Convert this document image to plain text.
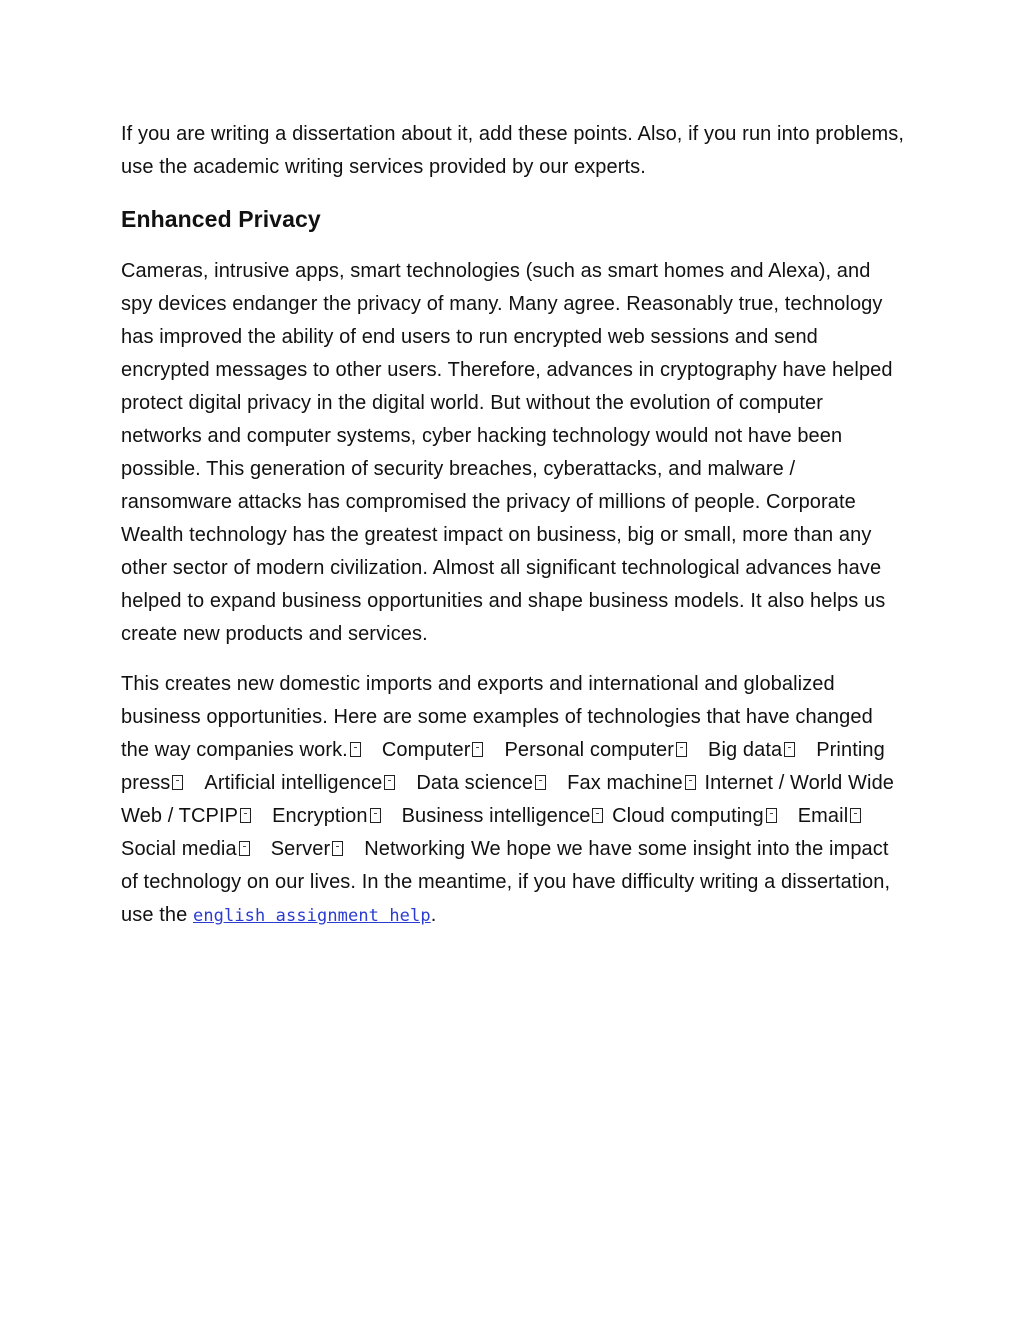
If you are writing a dissertation about it, add these points. Also, if you run into problems, use the academic writing services provided by our experts.

Enhanced Privacy

Cameras, intrusive apps, smart technologies (such as smart homes and Alexa), and spy devices endanger the privacy of many. Many agree. Reasonably true, technology has improved the ability of end users to run encrypted web sessions and send encrypted messages to other users. Therefore, advances in cryptography have helped protect digital privacy in the digital world. But without the evolution of computer networks and computer systems, cyber hacking technology would not have been possible. This generation of security breaches, cyberattacks, and malware / ransomware attacks has compromised the privacy of millions of people. Corporate Wealth technology has the greatest impact on business, big or small, more than any other sector of modern civilization. Almost all significant technological advances have helped to expand business opportunities and shape business models. It also helps us create new products and services.

This creates new domestic imports and exports and international and globalized business opportunities. Here are some examples of technologies that have changed the way companies work. Computer Personal computer Big data Printing press Artificial intelligence Data science Fax machine Internet / World Wide Web / TCPIP Encryption Business intelligence Cloud computing EmailSocial media Server Networking We hope we have some insight into the impact of technology on our lives. In the meantime, if you have difficulty writing a dissertation, use the english assignment help.
